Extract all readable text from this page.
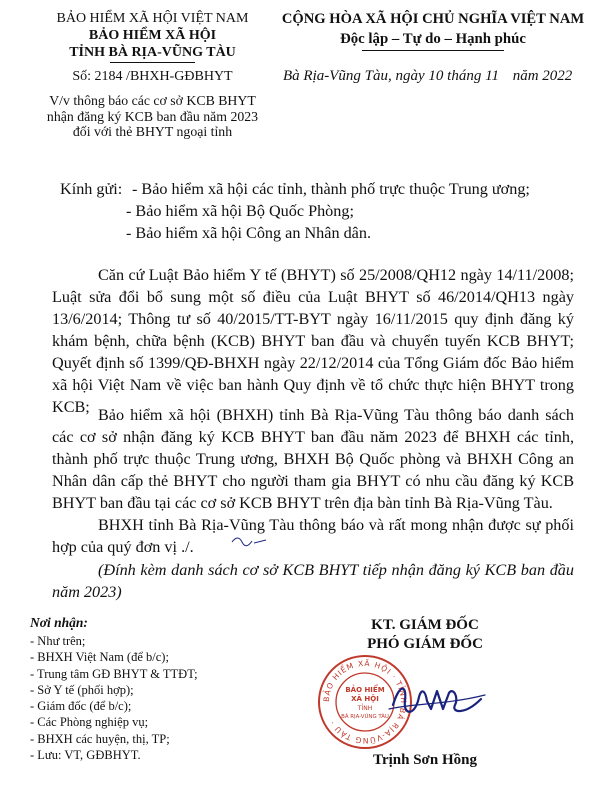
BẢO HIỂM XÃ HỘI VIỆT NAM
BẢO HIỂM XÃ HỘI
TỈNH BÀ RỊA-VŨNG TÀU
Số: 2184 /BHXH-GĐBHYT
V/v thông báo các cơ sở KCB BHYT
nhận đăng ký KCB ban đầu năm 2023
đối với thẻ BHYT ngoại tỉnh
CỘNG HÒA XÃ HỘI CHỦ NGHĨA VIỆT NAM
Độc lập – Tự do – Hạnh phúc
Bà Rịa-Vũng Tàu, ngày 10 tháng 11 năm 2022
Kính gửi: - Bảo hiểm xã hội các tỉnh, thành phố trực thuộc Trung ương;
- Bảo hiểm xã hội Bộ Quốc Phòng;
- Bảo hiểm xã hội Công an Nhân dân.
Căn cứ Luật Bảo hiểm Y tế (BHYT) số 25/2008/QH12 ngày 14/11/2008; Luật sửa đổi bổ sung một số điều của Luật BHYT số 46/2014/QH13 ngày 13/6/2014; Thông tư số 40/2015/TT-BYT ngày 16/11/2015 quy định đăng ký khám bệnh, chữa bệnh (KCB) BHYT ban đầu và chuyển tuyến KCB BHYT; Quyết định số 1399/QĐ-BHXH ngày 22/12/2014 của Tổng Giám đốc Bảo hiểm xã hội Việt Nam về việc ban hành Quy định về tổ chức thực hiện BHYT trong KCB; Bảo hiểm xã hội (BHXH) tỉnh Bà Rịa-Vũng Tàu thông báo danh sách các cơ sở nhận đăng ký KCB BHYT ban đầu năm 2023 để BHXH các tỉnh, thành phố trực thuộc Trung ương, BHXH Bộ Quốc phòng và BHXH Công an Nhân dân cấp thẻ BHYT cho người tham gia BHYT có nhu cầu đăng ký KCB BHYT ban đầu tại các cơ sở KCB BHYT trên địa bàn tỉnh Bà Rịa-Vũng Tàu.
BHXH tỉnh Bà Rịa-Vũng Tàu thông báo và rất mong nhận được sự phối hợp của quý đơn vị ./.
(Đính kèm danh sách cơ sở KCB BHYT tiếp nhận đăng ký KCB ban đầu năm 2023)
Nơi nhận:
- Như trên;
- BHXH Việt Nam (để b/c);
- Trung tâm GĐ BHYT & TTĐT;
- Sở Y tế (phối hợp);
- Giám đốc (để b/c);
- Các Phòng nghiệp vụ;
- BHXH các huyện, thị, TP;
- Lưu: VT, GĐBHYT.
KT. GIÁM ĐỐC
PHÓ GIÁM ĐỐC
BẢO HIỂM XÃ HỘI · TỈNH BÀ RỊA-VŨNG TÀU ·
BẢO HIỂM
XÃ HỘI
TỈNH
BÀ RỊA-VŨNG TÀU
Trịnh Sơn Hồng
